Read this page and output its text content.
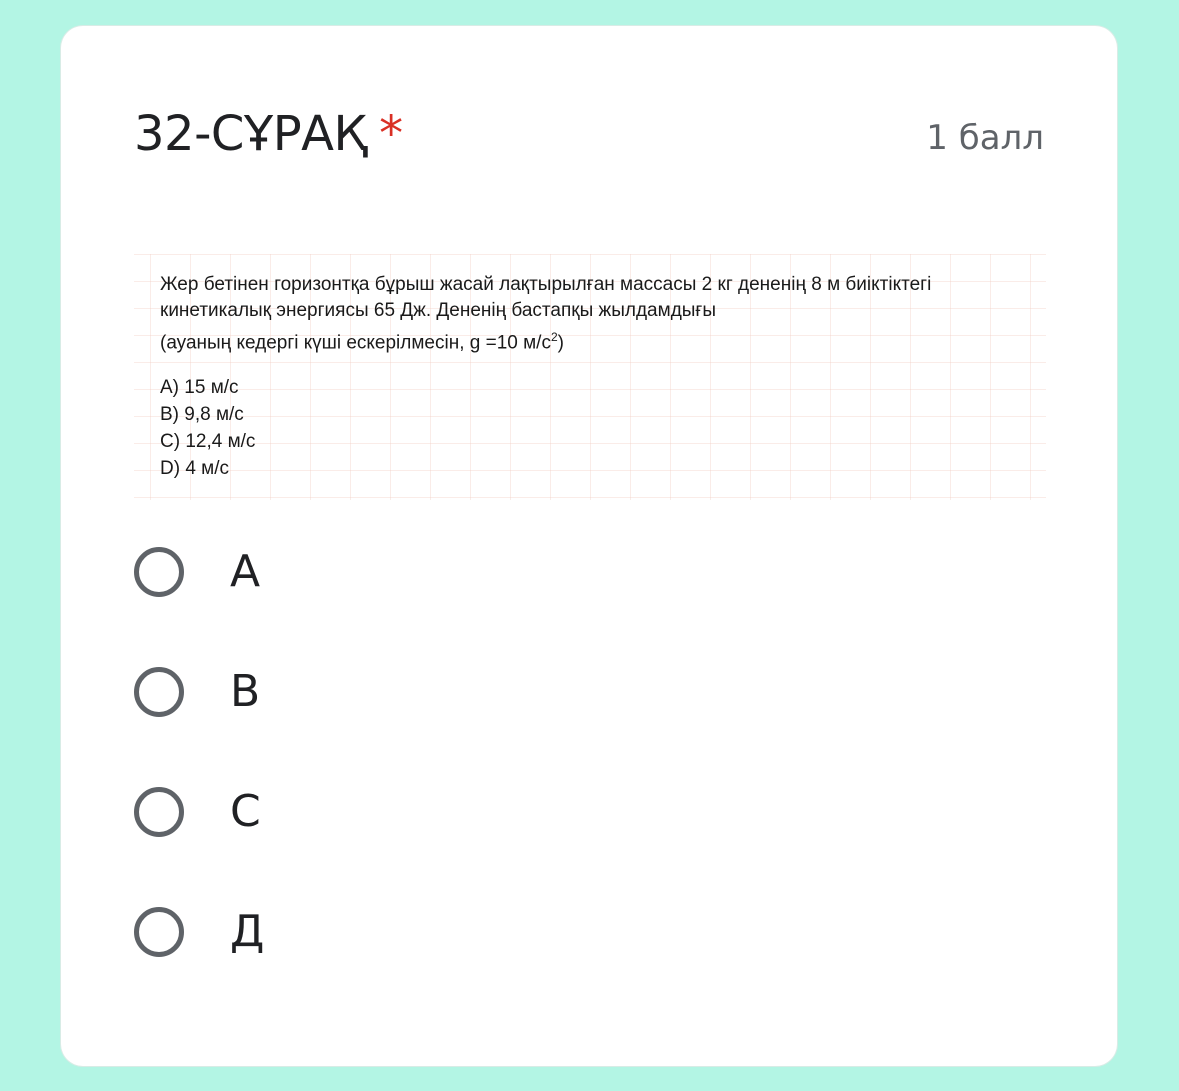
32-СҰРАҚ *	1 балл

Жер бетінен горизонтқа бұрыш жасай лақтырылған массасы 2 кг дененің 8 м биіктіктегі

кинетикалық энергиясы 65 Дж. Дененің бастапқы жылдамдығы

(ауаның кедергі күші ескерілмесін, g =10 $м/с^2$)

A) 15 м/с

B) 9,8 м/с

C) 12,4 м/с

D) 4 м/с

А
В
С
Д
